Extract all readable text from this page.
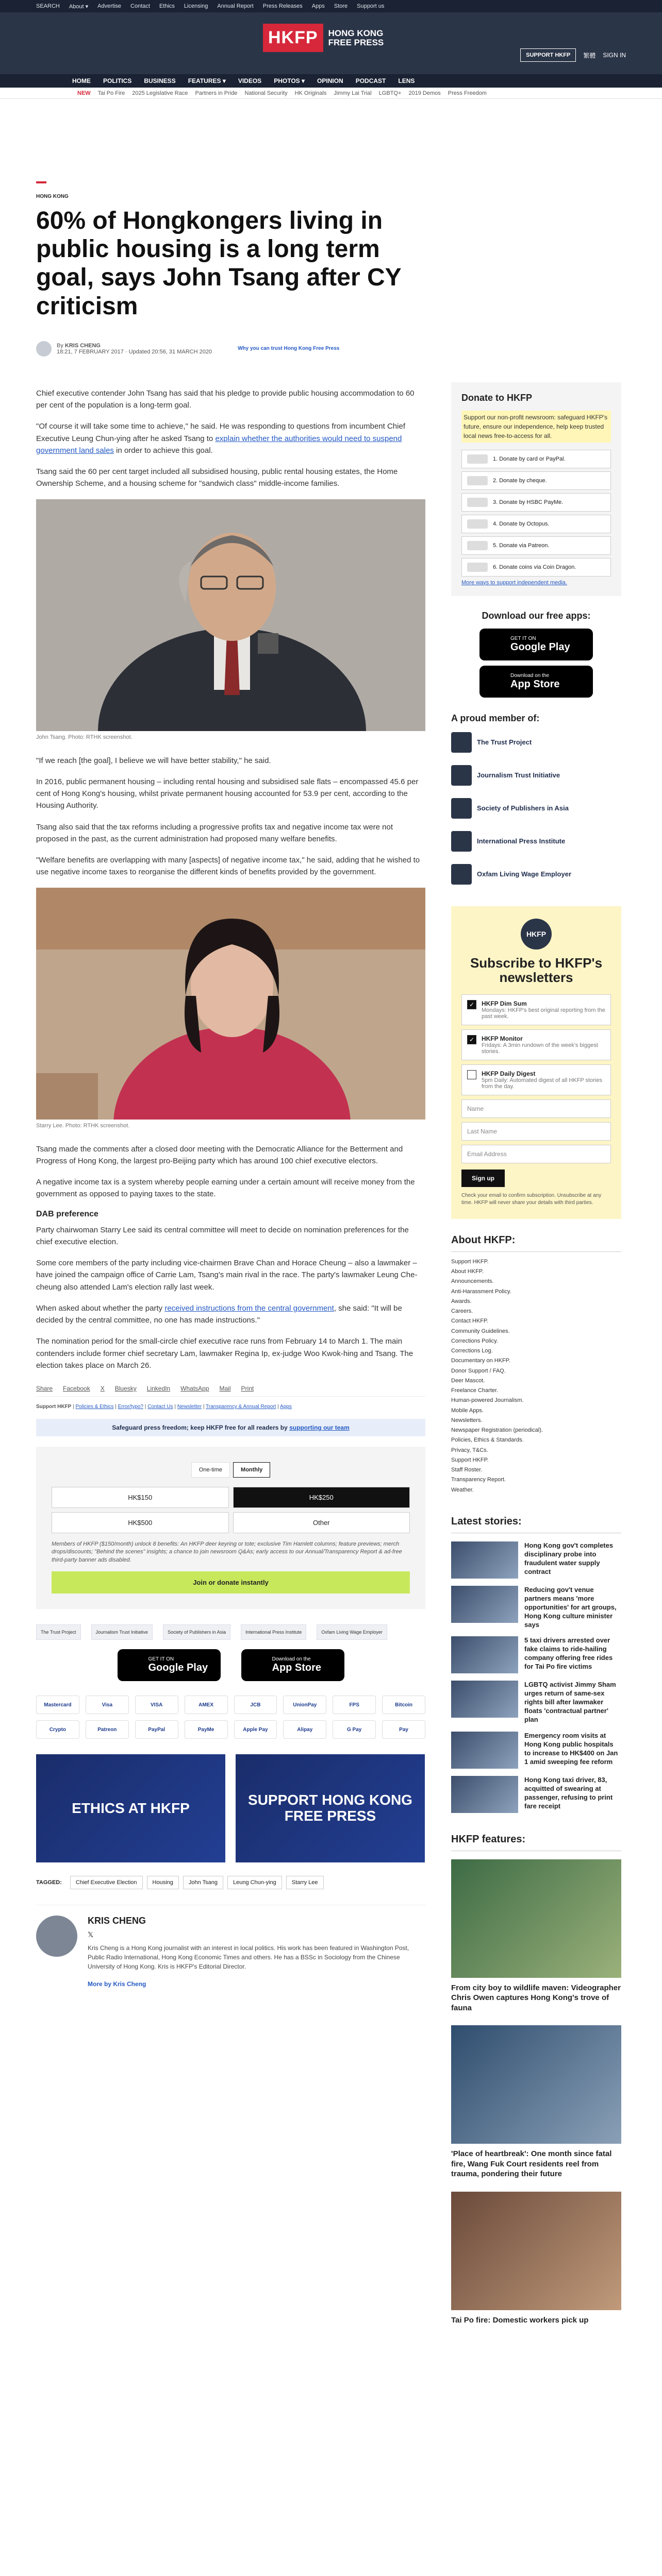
SEARCH About ▾ Advertise Contact Ethics Licensing Annual Report Press Releases Apps Store Support us
HKFP	HONG KONG
FREE PRESS
SUPPORT HKFP	繁體 SIGN IN
HOME POLITICS BUSINESS FEATURES ▾ VIDEOS PHOTOS ▾ OPINION PODCAST LENS
NEW Tai Po Fire 2025 Legislative Race Partners in Pride National Security HK Originals Jimmy Lai Trial LGBTQ+ 2019 Demos Press Freedom
HONG KONG
60% of Hongkongers living in public housing is a long term goal, says John Tsang after CY criticism
By KRIS CHENG
18:21, 7 FEBRUARY 2017 · Updated 20:56, 31 MARCH 2020	Why you can trust Hong Kong Free Press

Chief executive contender John Tsang has said that his pledge to provide public housing accommodation to 60 per cent of the population is a long-term goal.

"Of course it will take some time to achieve," he said. He was responding to questions from incumbent Chief Executive Leung Chun-ying after he asked Tsang to explain whether the authorities would need to suspend government land sales in order to achieve this goal.

Tsang said the 60 per cent target included all subsidised housing, public rental housing estates, the Home Ownership Scheme, and a housing scheme for "sandwich class" middle-income families.

John Tsang. Photo: RTHK screenshot.

"If we reach [the goal], I believe we will have better stability," he said.

In 2016, public permanent housing – including rental housing and subsidised sale flats – encompassed 45.6 per cent of Hong Kong's housing, whilst private permanent housing accounted for 53.9 per cent, according to the Housing Authority.

Tsang also said that the tax reforms including a progressive profits tax and negative income tax were not proposed in the past, as the current administration had proposed many welfare benefits.

"Welfare benefits are overlapping with many [aspects] of negative income tax," he said, adding that he wished to use negative income taxes to reorganise the different kinds of benefits provided by the government.

Starry Lee. Photo: RTHK screenshot.

Tsang made the comments after a closed door meeting with the Democratic Alliance for the Betterment and Progress of Hong Kong, the largest pro-Beijing party which has around 100 chief executive electors.

A negative income tax is a system whereby people earning under a certain amount will receive money from the government as opposed to paying taxes to the state.

DAB preference

Party chairwoman Starry Lee said its central committee will meet to decide on nomination preferences for the chief executive election.

Some core members of the party including vice-chairmen Brave Chan and Horace Cheung – also a lawmaker – have joined the campaign office of Carrie Lam, Tsang's main rival in the race. The party's lawmaker Leung Che-cheung also attended Lam's election rally last week.

When asked about whether the party received instructions from the central government, she said: "It will be decided by the central committee, no one has made instructions."

The nomination period for the small-circle chief executive race runs from February 14 to March 1. The main contenders include former chief secretary Lam, lawmaker Regina Ip, ex-judge Woo Kwok-hing and Tsang. The election takes place on March 26.

Share Facebook X Bluesky LinkedIn WhatsApp Mail Print
Support HKFP | Policies & Ethics | Error/typo? | Contact Us | Newsletter | Transparency & Annual Report | Apps
Safeguard press freedom; keep HKFP free for all readers by supporting our team
One-time	Monthly
HK$150	HK$250
HK$500	Other
Members of HKFP ($150/month) unlock 8 benefits: An HKFP deer keyring or tote; exclusive Tim Hamlett columns; feature previews; merch drops/discounts; "Behind the scenes" insights; a chance to join newsroom Q&As; early access to our Annual/Transparency Report & ad-free third-party banner ads disabled.
Join or donate instantly
The Trust Project	Journalism Trust Initiative	Society of Publishers in Asia	International Press Institute	Oxfam Living Wage Employer
GET IT ON
Google Play
Download on the
App Store
Mastercard	Visa	VISA	AMEX	JCB	UnionPay	FPS	Bitcoin
Crypto	Patreon	PayPal	PayMe	Apple Pay	Alipay	G Pay	Pay
ETHICS AT HKFP	SUPPORT HONG KONG FREE PRESS
TAGGED:	Chief Executive Election	Housing	John Tsang	Leung Chun-ying	Starry Lee
KRIS CHENG
𝕏

Kris Cheng is a Hong Kong journalist with an interest in local politics. His work has been featured in Washington Post, Public Radio International, Hong Kong Economic Times and others. He has a BSSc in Sociology from the Chinese University of Hong Kong. Kris is HKFP's Editorial Director.

More by Kris Cheng
Donate to HKFP
Support our non-profit newsroom: safeguard HKFP's future, ensure our independence, help keep trusted local news free-to-access for all.
1. Donate by card or PayPal.
2. Donate by cheque.
3. Donate by HSBC PayMe.
4. Donate by Octopus.
5. Donate via Patreon.
6. Donate coins via Coin Dragon.
More ways to support independent media.
Download our free apps:
GET IT ON
Google Play
Download on the
App Store
A proud member of:
The Trust Project
Journalism Trust Initiative
Society of Publishers in Asia
International Press Institute
Oxfam Living Wage Employer
HKFP
Subscribe to HKFP's newsletters
✓	HKFP Dim Sum
Mondays: HKFP's best original reporting from the past week.
✓	HKFP Monitor
Fridays: A 3min rundown of the week's biggest stories.
HKFP Daily Digest
5pm Daily: Automated digest of all HKFP stories from the day.
Name
Last Name
Email Address
Sign up
Check your email to confirm subscription. Unsubscribe at any time. HKFP will never share your details with third parties.
About HKFP:
Support HKFP.
About HKFP.
Announcements.
Anti-Harassment Policy.
Awards.
Careers.
Contact HKFP.
Community Guidelines.
Corrections Policy.
Corrections Log.
Documentary on HKFP.
Donor Support / FAQ.
Deer Mascot.
Freelance Charter.
Human-powered Journalism.
Mobile Apps.
Newsletters.
Newspaper Registration (periodical).
Policies, Ethics & Standards.
Privacy, T&Cs.
Support HKFP.
Staff Roster.
Transparency Report.
Weather.
Latest stories:
Hong Kong gov't completes disciplinary probe into fraudulent water supply contract
Reducing gov't venue partners means 'more opportunities' for art groups, Hong Kong culture minister says
5 taxi drivers arrested over fake claims to ride-hailing company offering free rides for Tai Po fire victims
LGBTQ activist Jimmy Sham urges return of same-sex rights bill after lawmaker floats 'contractual partner' plan
Emergency room visits at Hong Kong public hospitals to increase to HK$400 on Jan 1 amid sweeping fee reform
Hong Kong taxi driver, 83, acquitted of swearing at passenger, refusing to print fare receipt
HKFP features:
From city boy to wildlife maven: Videographer Chris Owen captures Hong Kong's trove of fauna
'Place of heartbreak': One month since fatal fire, Wang Fuk Court residents reel from trauma, pondering their future
Tai Po fire: Domestic workers pick up
